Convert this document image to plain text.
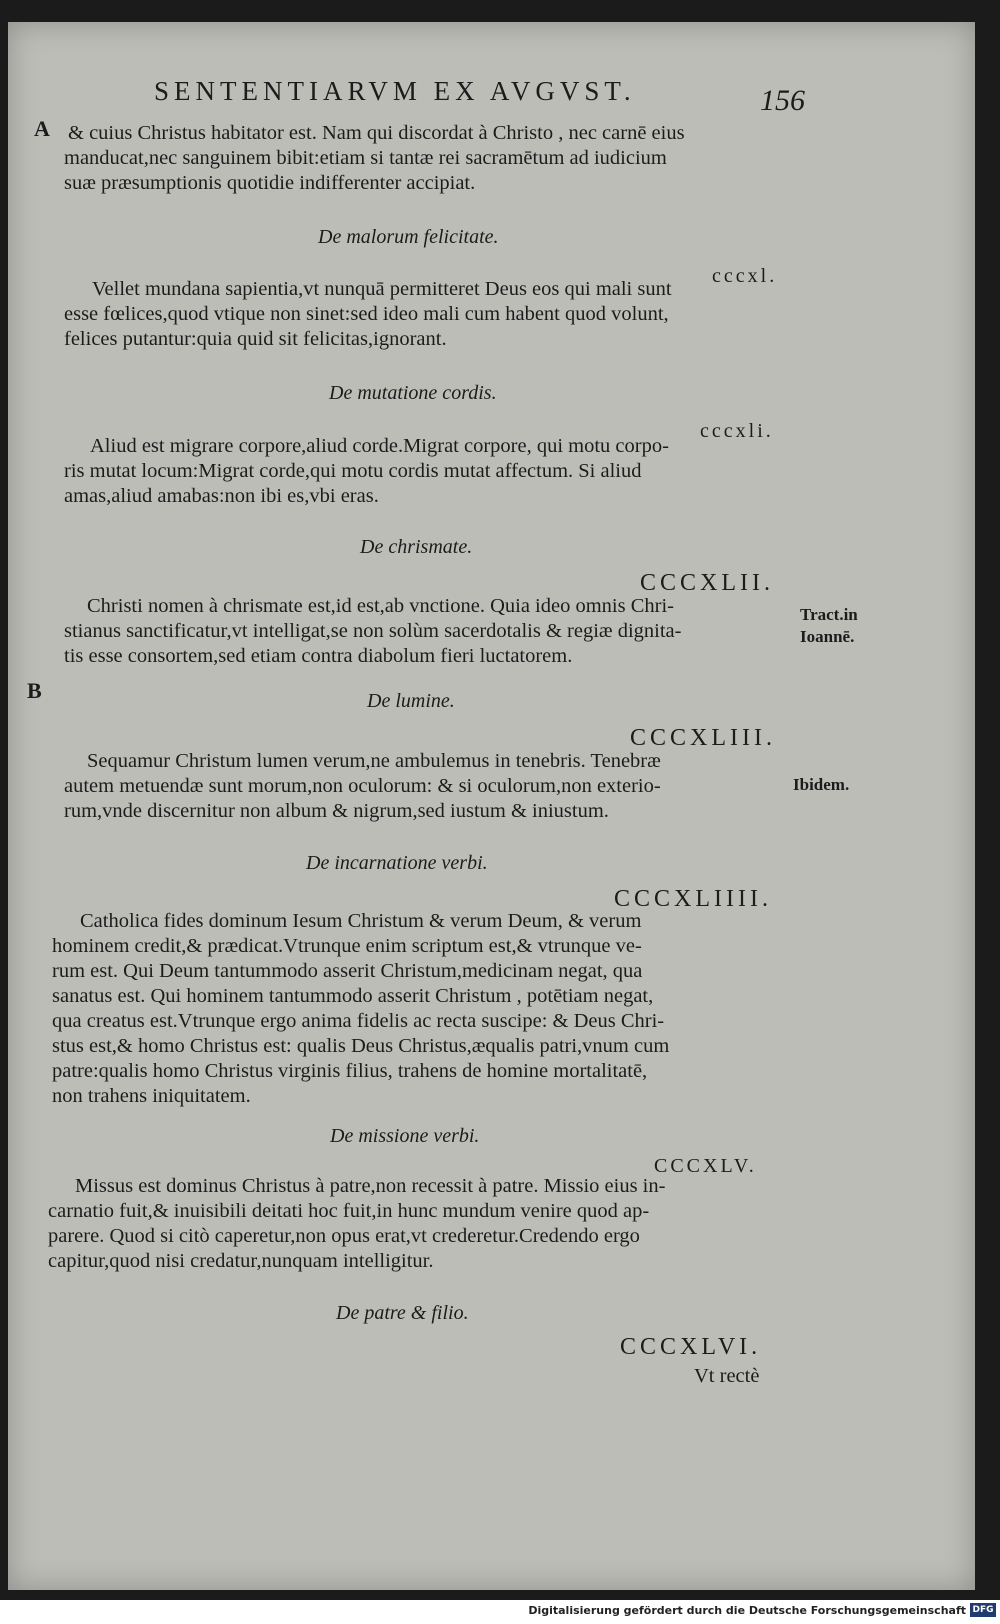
SENTENTIARVM EX AVGVST.	156
A
B
& cuius Christus habitator est. Nam qui discordat à Christo , nec carnē eius
manducat,nec sanguinem bibit:etiam si tantæ rei sacramētum ad iudicium
suæ præsumptionis quotidie indifferenter accipiat.
De malorum felicitate.
cccxl.
Vellet mundana sapientia,vt nunquā permitteret Deus eos qui mali sunt
esse fœlices,quod vtique non sinet:sed ideo mali cum habent quod volunt,
felices putantur:quia quid sit felicitas,ignorant.
De mutatione cordis.
cccxli.
Aliud est migrare corpore,aliud corde.Migrat corpore, qui motu corpo-
ris mutat locum:Migrat corde,qui motu cordis mutat affectum. Si aliud
amas,aliud amabas:non ibi es,vbi eras.
De chrismate.
CCCXLII.
Christi nomen à chrismate est,id est,ab vnctione. Quia ideo omnis Chri-
stianus sanctificatur,vt intelligat,se non solùm sacerdotalis & regiæ dignita-
tis esse consortem,sed etiam contra diabolum fieri luctatorem.
Tract.in
Ioannē.
De lumine.
CCCXLIII.
Sequamur Christum lumen verum,ne ambulemus in tenebris. Tenebræ
autem metuendæ sunt morum,non oculorum: & si oculorum,non exterio-
rum,vnde discernitur non album & nigrum,sed iustum & iniustum.
Ibidem.
De incarnatione verbi.
CCCXLIIII.
Catholica fides dominum Iesum Christum & verum Deum, & verum
hominem credit,& prædicat.Vtrunque enim scriptum est,& vtrunque ve-
rum est. Qui Deum tantummodo asserit Christum,medicinam negat, qua
sanatus est. Qui hominem tantummodo asserit Christum , potētiam negat,
qua creatus est.Vtrunque ergo anima fidelis ac recta suscipe: & Deus Chri-
stus est,& homo Christus est: qualis Deus Christus,æqualis patri,vnum cum
patre:qualis homo Christus virginis filius, trahens de homine mortalitatē,
non trahens iniquitatem.
De missione verbi.
CCCXLV.
Missus est dominus Christus à patre,non recessit à patre. Missio eius in-
carnatio fuit,& inuisibili deitati hoc fuit,in hunc mundum venire quod ap-
parere. Quod si citò caperetur,non opus erat,vt crederetur.Credendo ergo
capitur,quod nisi credatur,nunquam intelligitur.
De patre & filio.
CCCXLVI.
Vt rectè
Digitalisierung gefördert durch die Deutsche Forschungsgemeinschaft DFG
